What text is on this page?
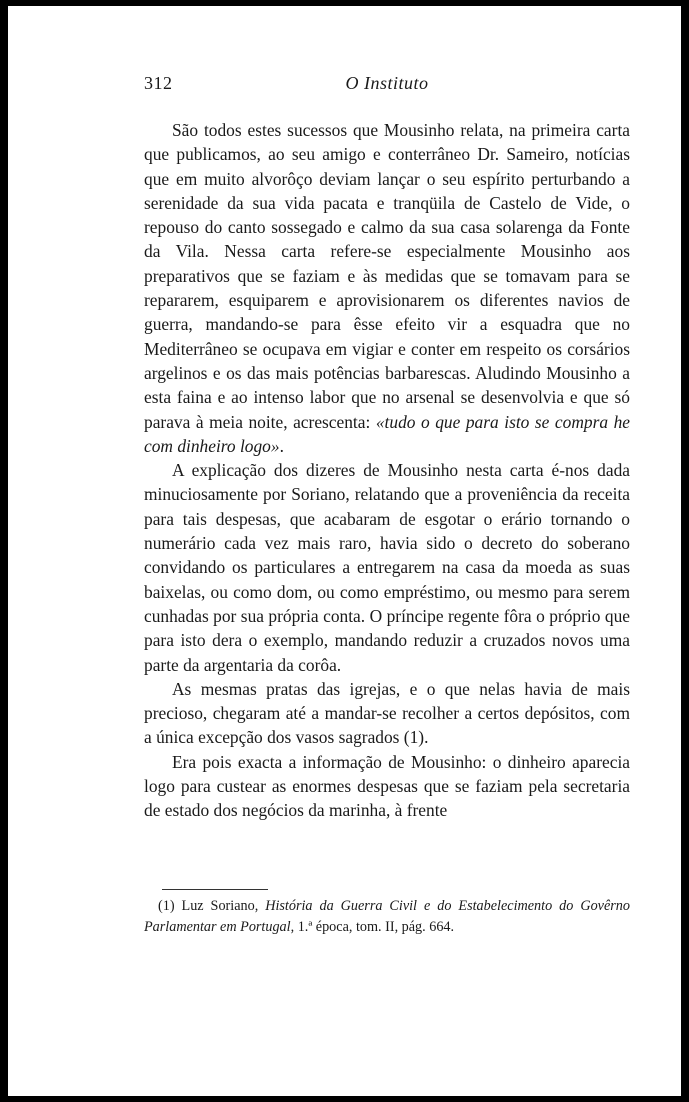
312	O Instituto

São todos estes sucessos que Mousinho relata, na primeira carta que publicamos, ao seu amigo e conterrâneo Dr. Sameiro, notícias que em muito alvorôço deviam lançar o seu espírito perturbando a serenidade da sua vida pacata e tranqüila de Castelo de Vide, o repouso do canto sossegado e calmo da sua casa solarenga da Fonte da Vila. Nessa carta refere-se especialmente Mousinho aos preparativos que se faziam e às medidas que se tomavam para se repararem, esquiparem e aprovisionarem os diferentes navios de guerra, mandando-se para êsse efeito vir a esquadra que no Mediterrâneo se ocupava em vigiar e conter em respeito os corsários argelinos e os das mais potências barbarescas. Aludindo Mousinho a esta faina e ao intenso labor que no arsenal se desenvolvia e que só parava à meia noite, acrescenta: «tudo o que para isto se compra he com dinheiro logo».

A explicação dos dizeres de Mousinho nesta carta é-nos dada minuciosamente por Soriano, relatando que a proveniência da receita para tais despesas, que acabaram de esgotar o erário tornando o numerário cada vez mais raro, havia sido o decreto do soberano convidando os particulares a entregarem na casa da moeda as suas baixelas, ou como dom, ou como empréstimo, ou mesmo para serem cunhadas por sua própria conta. O príncipe regente fôra o próprio que para isto dera o exemplo, mandando reduzir a cruzados novos uma parte da argentaria da corôa.

As mesmas pratas das igrejas, e o que nelas havia de mais precioso, chegaram até a mandar-se recolher a certos depósitos, com a única excepção dos vasos sagrados (1).

Era pois exacta a informação de Mousinho: o dinheiro aparecia logo para custear as enormes despesas que se faziam pela secretaria de estado dos negócios da marinha, à frente

(1) Luz Soriano, História da Guerra Civil e do Estabelecimento do Govêrno Parlamentar em Portugal, 1.ª época, tom. II, pág. 664.
